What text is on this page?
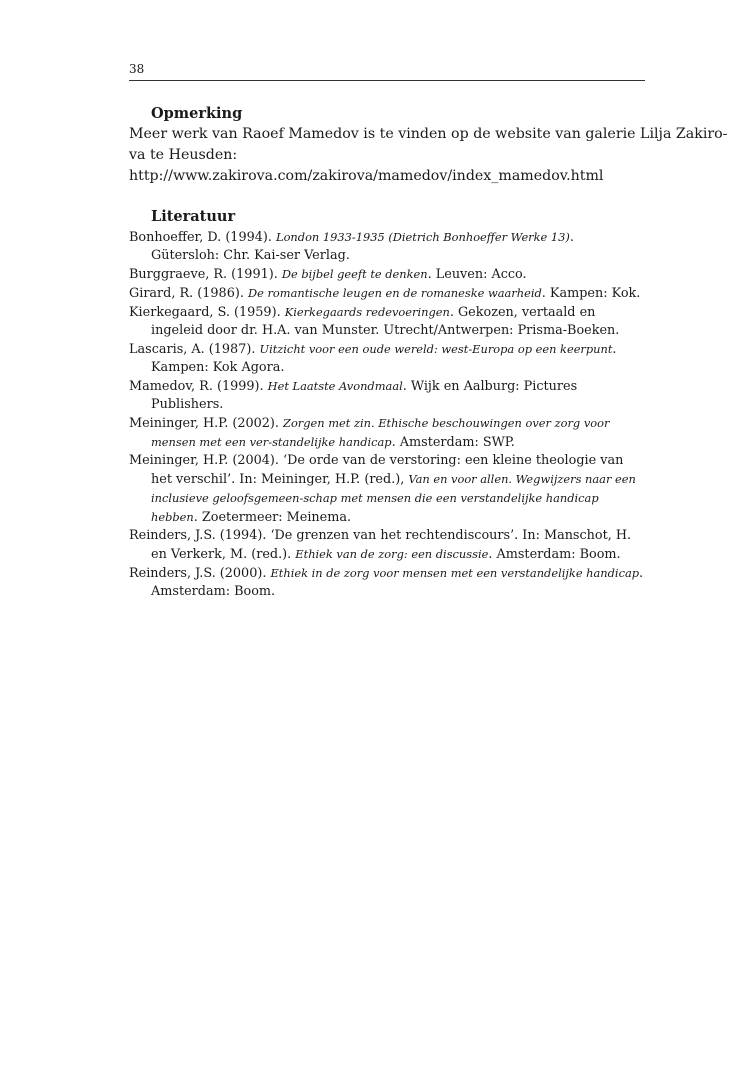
38
Opmerking
Meer werk van Raoef Mamedov is te vinden op de website van galerie Lilja Zakiro-
va te Heusden:
http://www.zakirova.com/zakirova/mamedov/index_mamedov.html
Literatuur
Bonhoeffer, D. (1994). London 1933-1935 (Dietrich Bonhoeffer Werke 13). Gütersloh: Chr. Kai-ser Verlag.
Burggraeve, R. (1991). De bijbel geeft te denken. Leuven: Acco.
Girard, R. (1986). De romantische leugen en de romaneske waarheid. Kampen: Kok.
Kierkegaard, S. (1959). Kierkegaards redevoeringen. Gekozen, vertaald en ingeleid door dr. H.A. van Munster. Utrecht/Antwerpen: Prisma-Boeken.
Lascaris, A. (1987). Uitzicht voor een oude wereld: west-Europa op een keerpunt. Kampen: Kok Agora.
Mamedov, R. (1999). Het Laatste Avondmaal. Wijk en Aalburg: Pictures Publishers.
Meininger, H.P. (2002). Zorgen met zin. Ethische beschouwingen over zorg voor mensen met een ver-standelijke handicap. Amsterdam: SWP.
Meininger, H.P. (2004). ‘De orde van de verstoring: een kleine theologie van het verschil’. In: Meininger, H.P. (red.), Van en voor allen. Wegwijzers naar een inclusieve geloofsgemeen-schap met mensen die een verstandelijke handicap hebben. Zoetermeer: Meinema.
Reinders, J.S. (1994). ‘De grenzen van het rechtendiscours’. In: Manschot, H. en Verkerk, M. (red.). Ethiek van de zorg: een discussie. Amsterdam: Boom.
Reinders, J.S. (2000). Ethiek in de zorg voor mensen met een verstandelijke handicap. Amsterdam: Boom.
